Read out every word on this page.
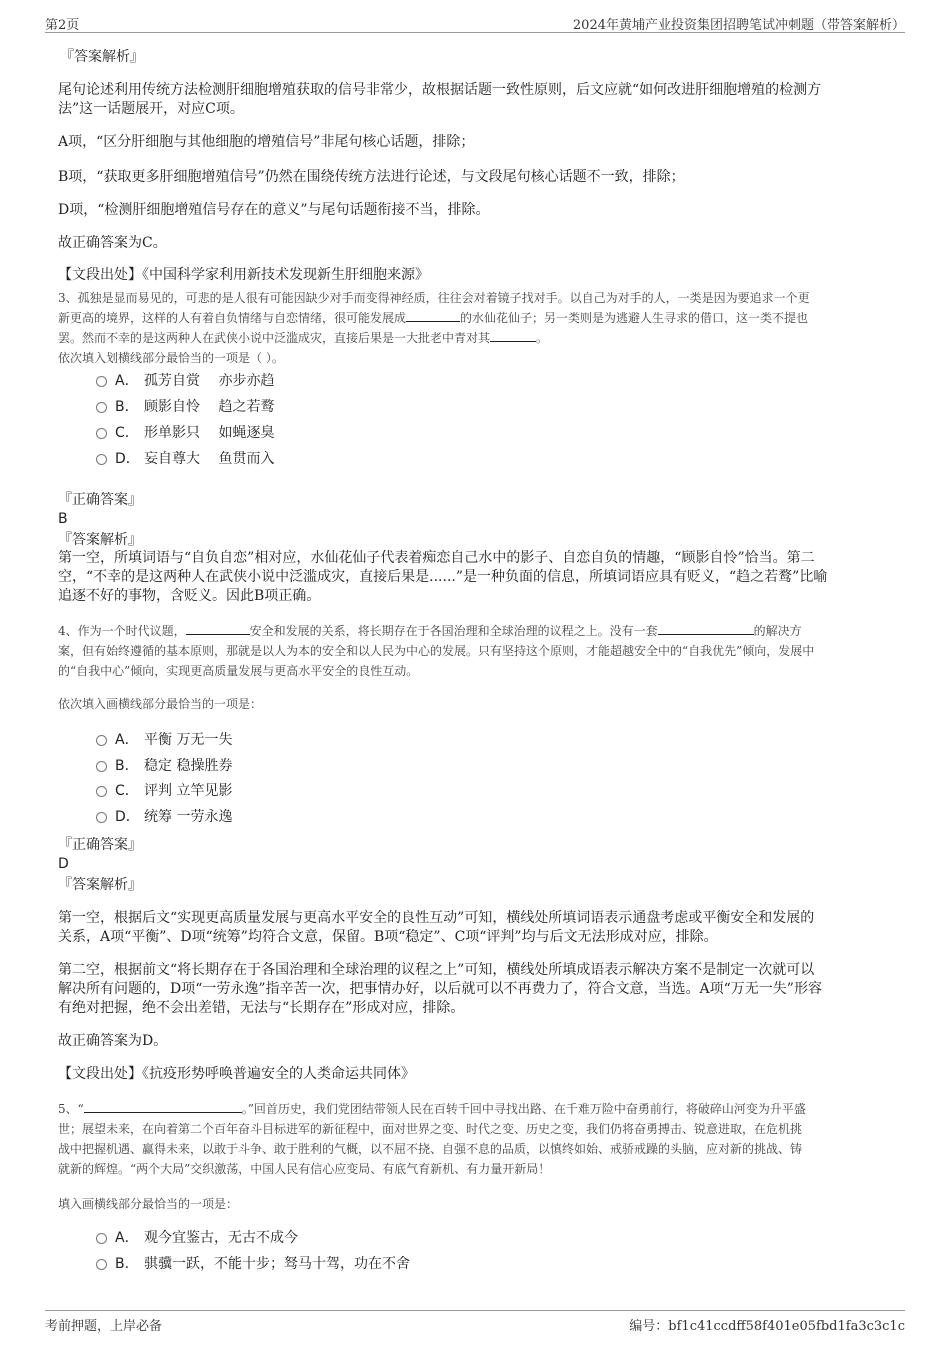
第2页	2024年黄埔产业投资集团招聘笔试冲刺题（带答案解析）
『答案解析』
尾句论述利用传统方法检测肝细胞增殖获取的信号非常少，故根据话题一致性原则，后文应就“如何改进肝细胞增殖的检测方
法”这一话题展开，对应C项。
A项，“区分肝细胞与其他细胞的增殖信号”非尾句核心话题，排除；
B项，“获取更多肝细胞增殖信号”仍然在围绕传统方法进行论述，与文段尾句核心话题不一致，排除；
D项，“检测肝细胞增殖信号存在的意义”与尾句话题衔接不当，排除。
故正确答案为C。
【文段出处】《中国科学家利用新技术发现新生肝细胞来源》
3、孤独是显而易见的，可悲的是人很有可能因缺少对手而变得神经质，往往会对着镜子找对手。以自己为对手的人，一类是因为要追求一个更
新更高的境界，这样的人有着自负情绪与自恋情绪，很可能发展成	的水仙花仙子；另一类则是为逃避人生寻求的借口，这一类不提也
罢。然而不幸的是这两种人在武侠小说中泛滥成灾，直接后果是一大批老中青对其	。
依次填入划横线部分最恰当的一项是（ ）。
A． 孤芳自赏　 亦步亦趋
B． 顾影自怜　 趋之若鹜
C． 形单影只　 如蝇逐臭
D． 妄自尊大　 鱼贯而入
『正确答案』
B
『答案解析』
第一空，所填词语与“自负自恋”相对应，水仙花仙子代表着痴恋自己水中的影子、自恋自负的情趣，“顾影自怜”恰当。第二
空，“不幸的是这两种人在武侠小说中泛滥成灾，直接后果是......”是一种负面的信息，所填词语应具有贬义，“趋之若鹜”比喻
追逐不好的事物，含贬义。因此B项正确。
4、作为一个时代议题，	安全和发展的关系，将长期存在于各国治理和全球治理的议程之上。没有一套	的解决方
案，但有始终遵循的基本原则，那就是以人为本的安全和以人民为中心的发展。只有坚持这个原则，才能超越安全中的“自我优先”倾向，发展中
的“自我中心”倾向，实现更高质量发展与更高水平安全的良性互动。
依次填入画横线部分最恰当的一项是：
A． 平衡 万无一失
B． 稳定 稳操胜券
C． 评判 立竿见影
D． 统筹 一劳永逸
『正确答案』
D
『答案解析』
第一空，根据后文“实现更高质量发展与更高水平安全的良性互动”可知，横线处所填词语表示通盘考虑或平衡安全和发展的
关系，A项“平衡”、D项“统筹”均符合文意，保留。B项“稳定”、C项“评判”均与后文无法形成对应，排除。
第二空，根据前文“将长期存在于各国治理和全球治理的议程之上”可知，横线处所填成语表示解决方案不是制定一次就可以
解决所有问题的，D项“一劳永逸”指辛苦一次，把事情办好，以后就可以不再费力了，符合文意，当选。A项“万无一失”形容
有绝对把握，绝不会出差错，无法与“长期存在”形成对应，排除。
故正确答案为D。
【文段出处】《抗疫形势呼唤普遍安全的人类命运共同体》
5、“	。”回首历史，我们党团结带领人民在百转千回中寻找出路、在千难万险中奋勇前行，将破碎山河变为升平盛
世；展望未来，在向着第二个百年奋斗目标进军的新征程中，面对世界之变、时代之变、历史之变，我们仍将奋勇搏击、锐意进取，在危机挑
战中把握机遇、赢得未来，以敢于斗争、敢于胜利的气概，以不屈不挠、自强不息的品质，以慎终如始、戒骄戒躁的头脑，应对新的挑战、铸
就新的辉煌。“两个大局”交织激荡，中国人民有信心应变局、有底气育新机、有力量开新局！
填入画横线部分最恰当的一项是：
A． 观今宜鉴古，无古不成今
B． 骐骥一跃，不能十步；驽马十驾，功在不舍
考前押题，上岸必备	编号：bf1c41ccdff58f401e05fbd1fa3c3c1c
